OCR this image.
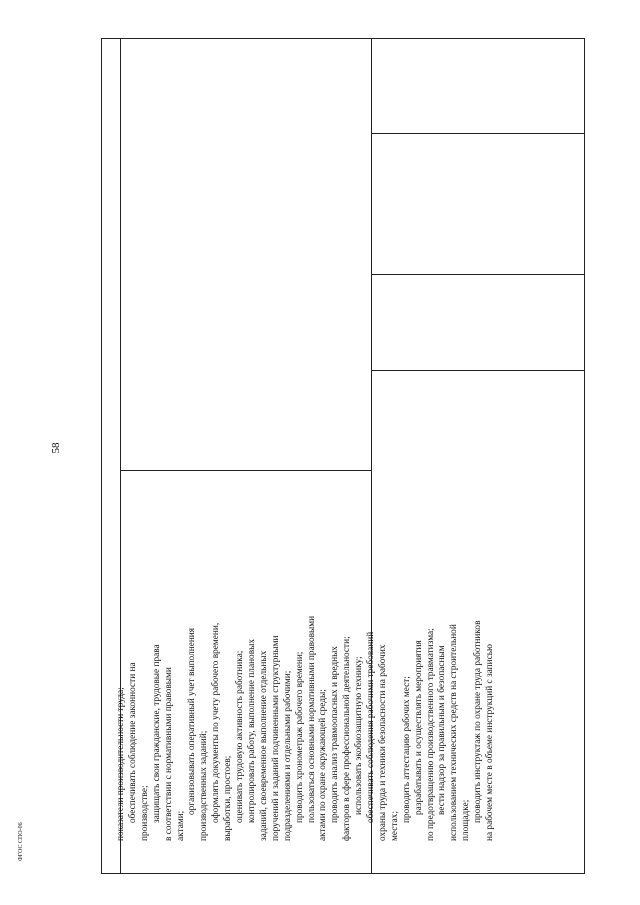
58
ФГОС СПО-06
показатели производительности труда; обеспечивать соблюдение законности на производстве; защищать свои гражданские, трудовые права в соответствии с нормативными правовыми актами;
организовывать оперативный учет выполнения производственных заданий; оформлять документы по учету рабочего времени, выработки, простоев; оценивать трудовую активность работника; контролировать работу, выполнение плановых заданий, своевременное выполнение отдельных поручений и заданий подчиненными структурными подразделениями и отдельными рабочими; проводить хронометраж рабочего времени; пользоваться основными нормативными правовыми актами по охране окружающей среды; проводить анализ травмоопасных и вредных факторов в сфере профессиональной деятельности; использовать экобиозащитную технику; обеспечивать соблюдения рабочими требований охраны труда и техники безопасности на рабочих местах;
проводить аттестацию рабочих мест; разрабатывать и осуществлять мероприятия по предотвращению производственного травматизма; вести надзор за правильным и безопасным использованием технических средств на строительной площадке; проводить инструктаж по охране труда работников на рабочем месте в объеме инструкций с записью
